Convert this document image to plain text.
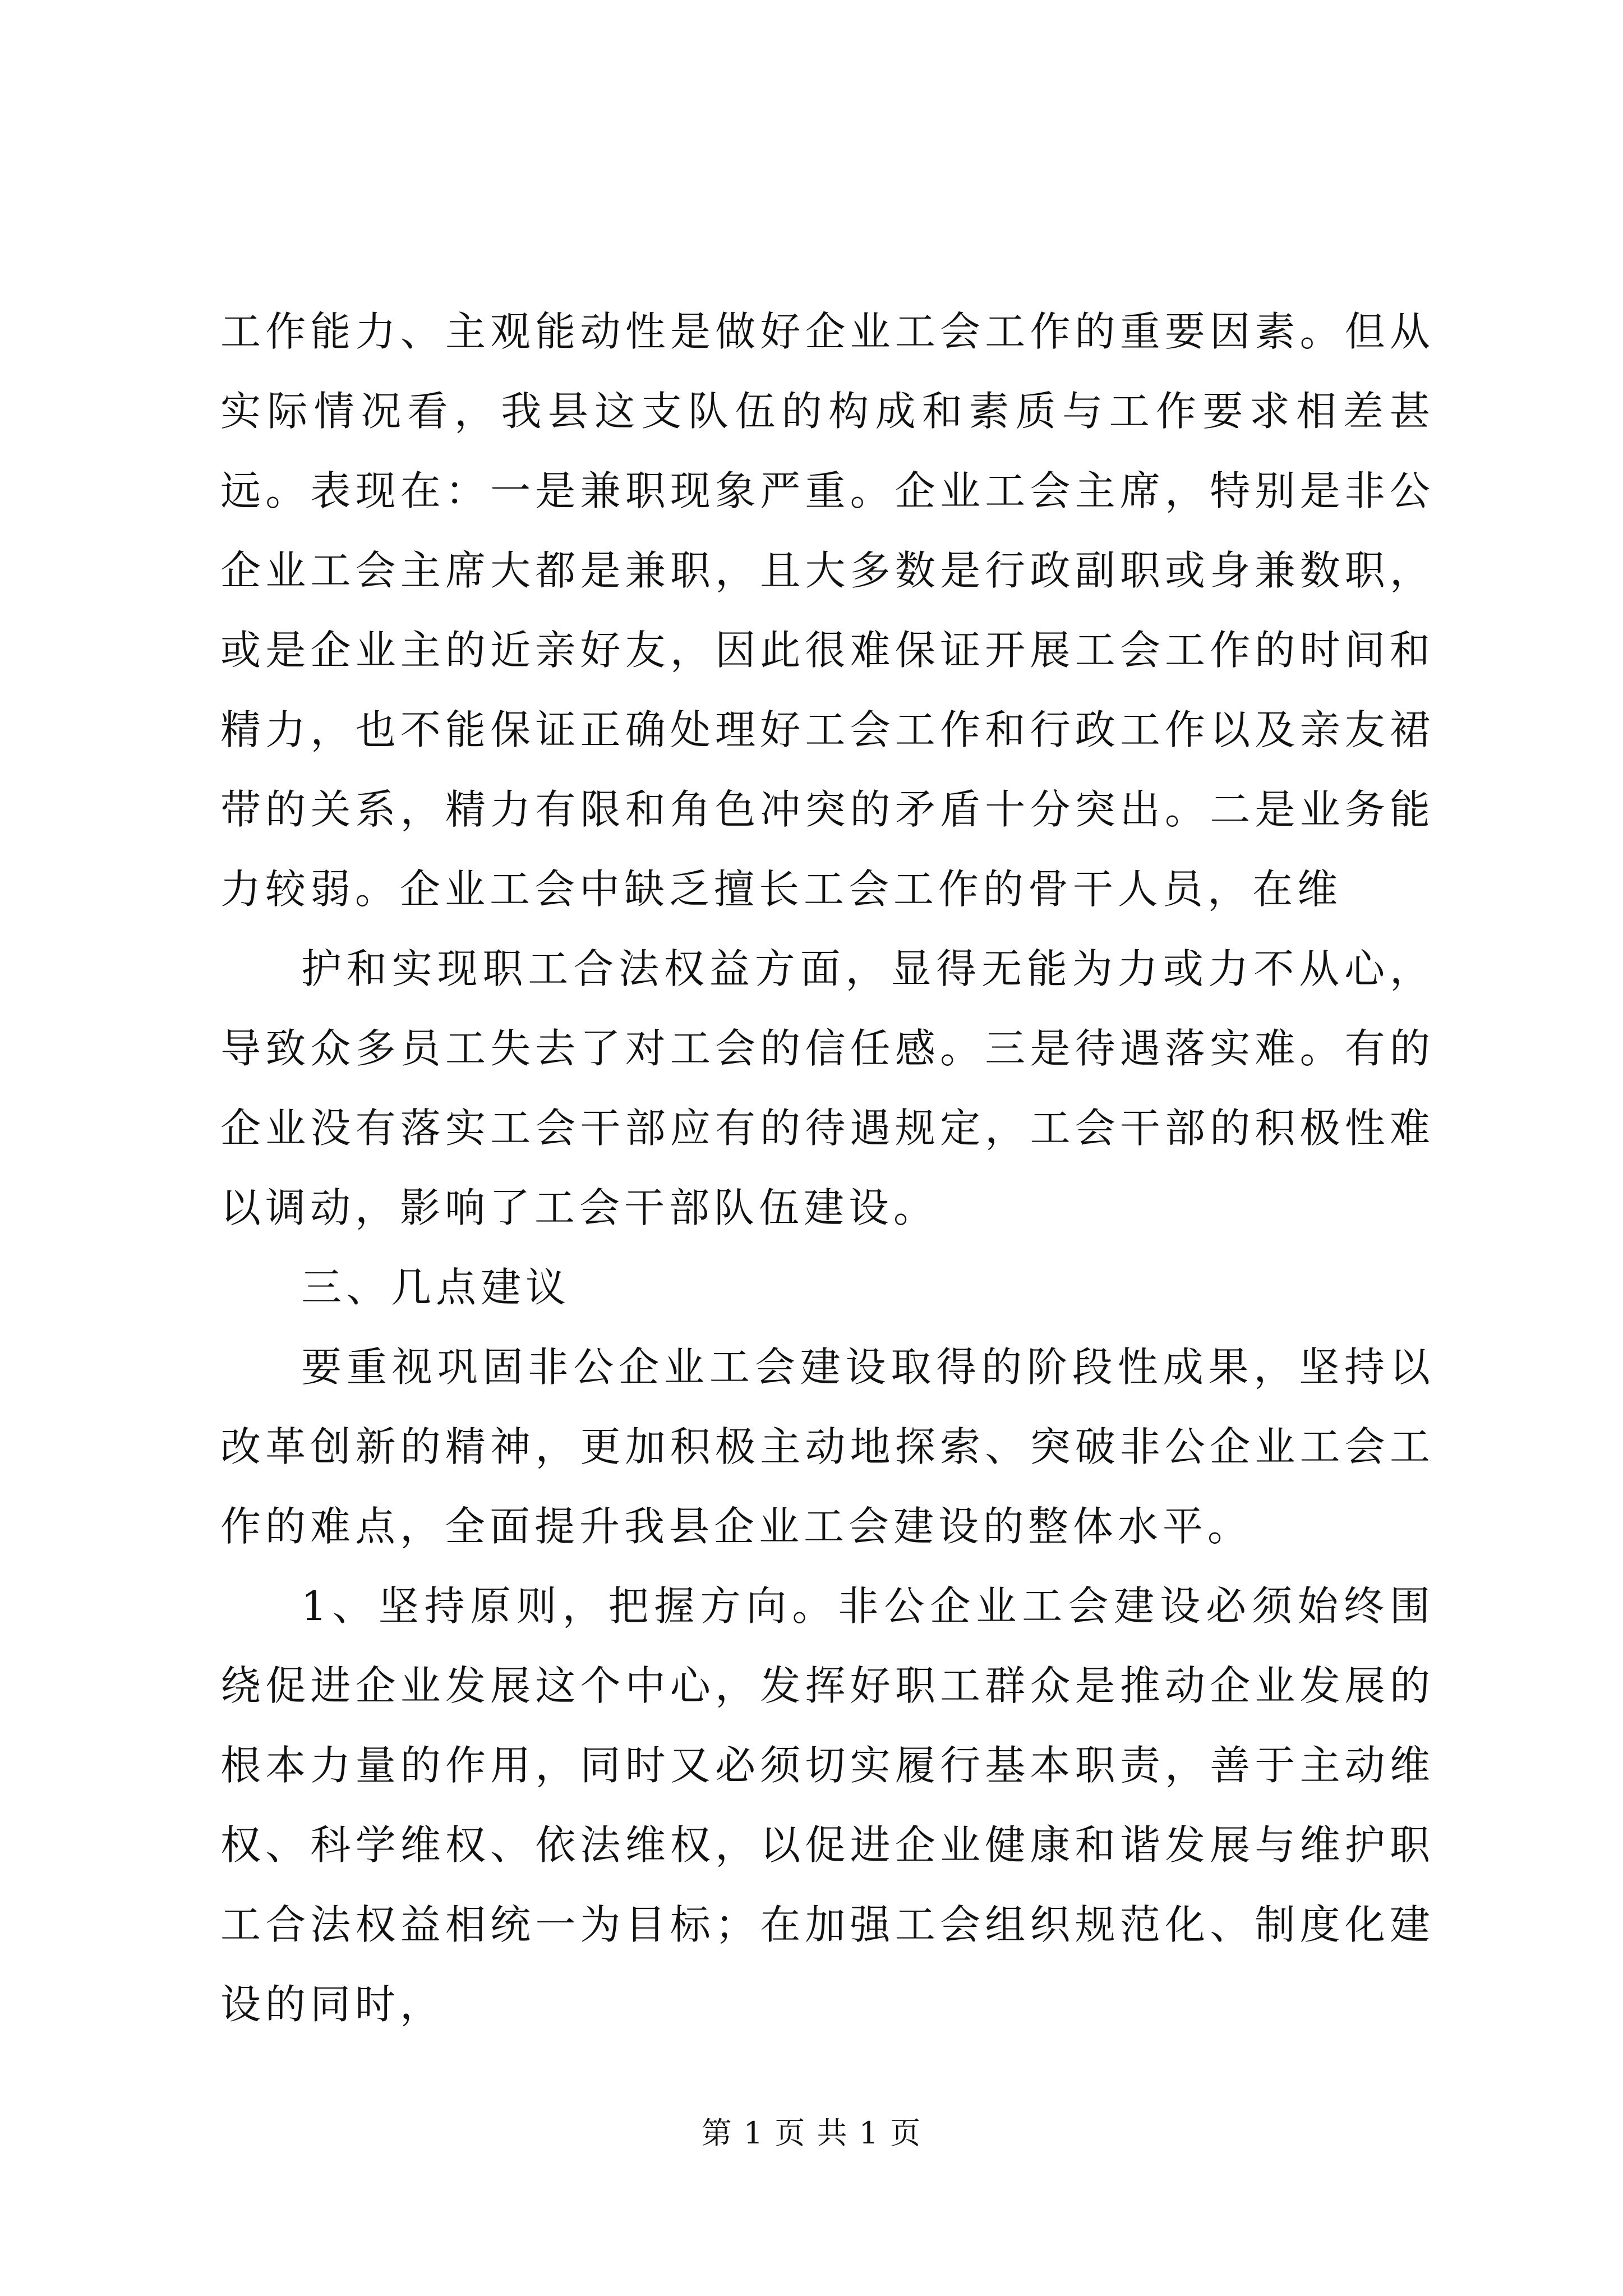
工作能力、主观能动性是做好企业工会工作的重要因素。但从实际情况看，我县这支队伍的构成和素质与工作要求相差甚远。表现在：一是兼职现象严重。企业工会主席，特别是非公企业工会主席大都是兼职，且大多数是行政副职或身兼数职，或是企业主的近亲好友，因此很难保证开展工会工作的时间和精力，也不能保证正确处理好工会工作和行政工作以及亲友裙带的关系，精力有限和角色冲突的矛盾十分突出。二是业务能力较弱。企业工会中缺乏擅长工会工作的骨干人员，在维

护和实现职工合法权益方面，显得无能为力或力不从心，导致众多员工失去了对工会的信任感。三是待遇落实难。有的企业没有落实工会干部应有的待遇规定，工会干部的积极性难以调动，影响了工会干部队伍建设。

三、几点建议

要重视巩固非公企业工会建设取得的阶段性成果，坚持以改革创新的精神，更加积极主动地探索、突破非公企业工会工作的难点，全面提升我县企业工会建设的整体水平。

1、坚持原则，把握方向。非公企业工会建设必须始终围绕促进企业发展这个中心，发挥好职工群众是推动企业发展的根本力量的作用，同时又必须切实履行基本职责，善于主动维权、科学维权、依法维权，以促进企业健康和谐发展与维护职工合法权益相统一为目标；在加强工会组织规范化、制度化建设的同时，

第 1 页 共 1 页
